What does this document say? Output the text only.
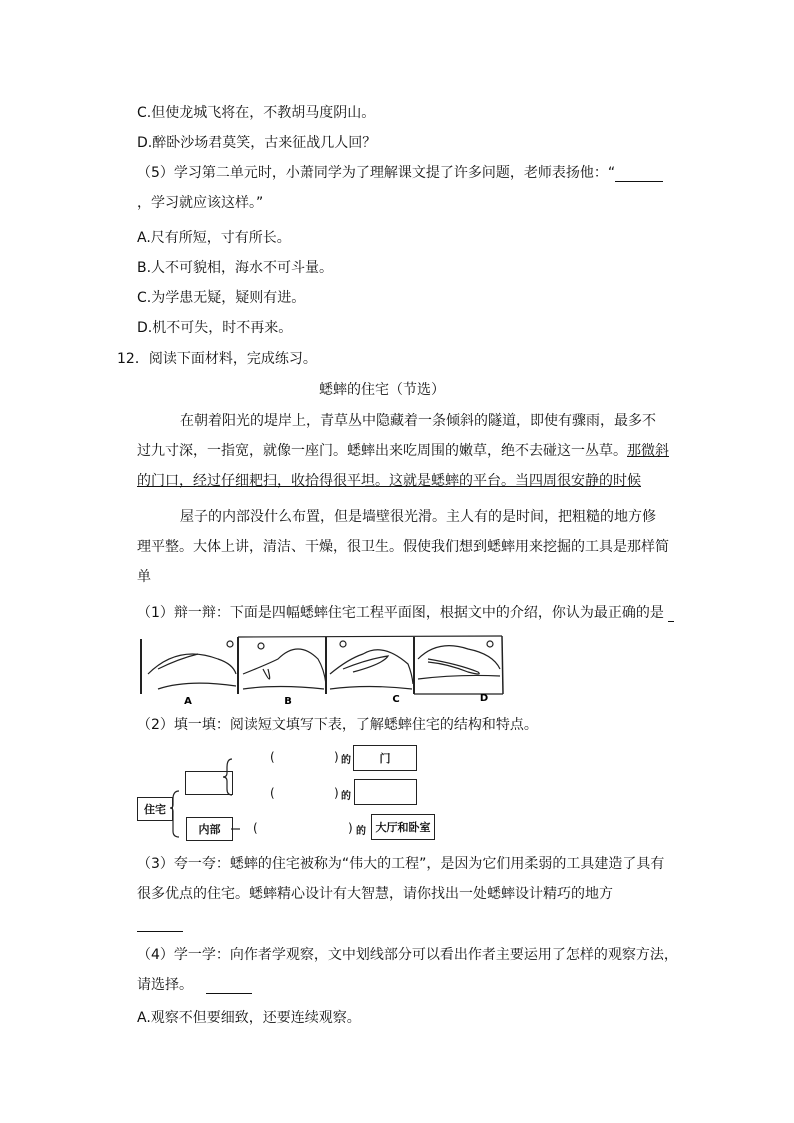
C.但使龙城飞将在，不教胡马度阴山。
D.醉卧沙场君莫笑，古来征战几人回？
（5）学习第二单元时，小萧同学为了理解课文提了许多问题，老师表扬他：“
，学习就应该这样。”
A.尺有所短，寸有所长。
B.人不可貌相，海水不可斗量。
C.为学患无疑，疑则有进。
D.机不可失，时不再来。
12．阅读下面材料，完成练习。
蟋蟀的住宅（节选）
在朝着阳光的堤岸上，青草丛中隐藏着一条倾斜的隧道，即使有骤雨，最多不
过九寸深，一指宽，就像一座门。蟋蟀出来吃周围的嫩草，绝不去碰这一丛草。那微斜
的门口，经过仔细耙扫，收拾得很平坦。这就是蟋蟀的平台。当四周很安静的时候
屋子的内部没什么布置，但是墙壁很光滑。主人有的是时间，把粗糙的地方修
理平整。大体上讲，清洁、干燥，很卫生。假使我们想到蟋蟀用来挖掘的工具是那样简
单
（1）辩一辩：下面是四幅蟋蟀住宅工程平面图，根据文中的介绍，你认为最正确的是
A	B	C	D
（2）填一填：阅读短文填写下表，了解蟋蟀住宅的结构和特点。
住宅
内部
门
大厅和卧室
(	) 的
(	) 的
(	) 的
（3）夸一夸：蟋蟀的住宅被称为“伟大的工程”，是因为它们用柔弱的工具建造了具有
很多优点的住宅。蟋蟀精心设计有大智慧，请你找出一处蟋蟀设计精巧的地方
（4）学一学：向作者学观察，文中划线部分可以看出作者主要运用了怎样的观察方法，
请选择。
A.观察不但要细致，还要连续观察。
